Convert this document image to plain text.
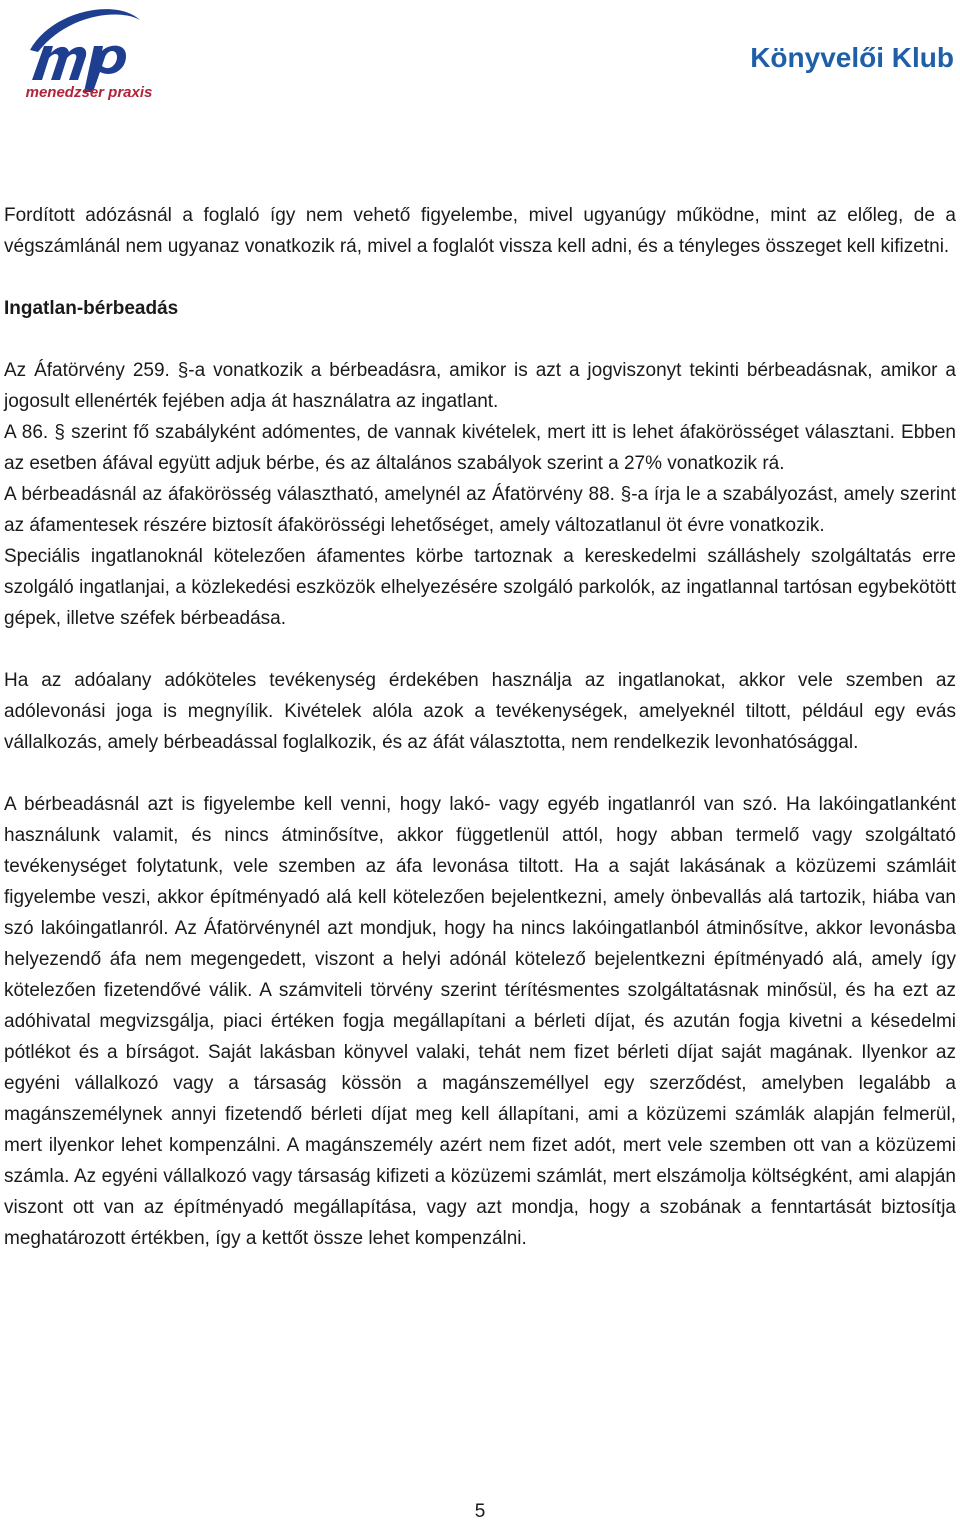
menedzser praxis
Könyvelői Klub

Fordított adózásnál a foglaló így nem vehető figyelembe, mivel ugyanúgy működne, mint az előleg, de a végszámlánál nem ugyanaz vonatkozik rá, mivel a foglalót vissza kell adni, és a tényleges összeget kell kifizetni.

Ingatlan-bérbeadás

Az Áfatörvény 259. §-a vonatkozik a bérbeadásra, amikor is azt a jogviszonyt tekinti bérbeadásnak, amikor a jogosult ellenérték fejében adja át használatra az ingatlant.

A 86. § szerint fő szabályként adómentes, de vannak kivételek, mert itt is lehet áfakörösséget választani. Ebben az esetben áfával együtt adjuk bérbe, és az általános szabályok szerint a 27% vonatkozik rá.

A bérbeadásnál az áfakörösség választható, amelynél az Áfatörvény 88. §-a írja le a szabályozást, amely szerint az áfamentesek részére biztosít áfakörösségi lehetőséget, amely változatlanul öt évre vonatkozik.

Speciális ingatlanoknál kötelezően áfamentes körbe tartoznak a kereskedelmi szálláshely szolgáltatás erre szolgáló ingatlanjai, a közlekedési eszközök elhelyezésére szolgáló parkolók, az ingatlannal tartósan egybekötött gépek, illetve széfek bérbeadása.

Ha az adóalany adóköteles tevékenység érdekében használja az ingatlanokat, akkor vele szemben az adólevonási joga is megnyílik. Kivételek alóla azok a tevékenységek, amelyeknél tiltott, például egy evás vállalkozás, amely bérbeadással foglalkozik, és az áfát választotta, nem rendelkezik levonhatósággal.

A bérbeadásnál azt is figyelembe kell venni, hogy lakó- vagy egyéb ingatlanról van szó. Ha lakóingatlanként használunk valamit, és nincs átminősítve, akkor függetlenül attól, hogy abban termelő vagy szolgáltató tevékenységet folytatunk, vele szemben az áfa levonása tiltott. Ha a saját lakásának a közüzemi számláit figyelembe veszi, akkor építményadó alá kell kötelezően bejelentkezni, amely önbevallás alá tartozik, hiába van szó lakóingatlanról. Az Áfatörvénynél azt mondjuk, hogy ha nincs lakóingatlanból átminősítve, akkor levonásba helyezendő áfa nem megengedett, viszont a helyi adónál kötelező bejelentkezni építményadó alá, amely így kötelezően fizetendővé válik. A számviteli törvény szerint térítésmentes szolgáltatásnak minősül, és ha ezt az adóhivatal megvizsgálja, piaci értéken fogja megállapítani a bérleti díjat, és azután fogja kivetni a késedelmi pótlékot és a bírságot. Saját lakásban könyvel valaki, tehát nem fizet bérleti díjat saját magának. Ilyenkor az egyéni vállalkozó vagy a társaság kössön a magánszeméllyel egy szerződést, amelyben legalább a magánszemélynek annyi fizetendő bérleti díjat meg kell állapítani, ami a közüzemi számlák alapján felmerül, mert ilyenkor lehet kompenzálni. A magánszemély azért nem fizet adót, mert vele szemben ott van a közüzemi számla. Az egyéni vállalkozó vagy társaság kifizeti a közüzemi számlát, mert elszámolja költségként, ami alapján viszont ott van az építményadó megállapítása, vagy azt mondja, hogy a szobának a fenntartását biztosítja meghatározott értékben, így a kettőt össze lehet kompenzálni.

5
